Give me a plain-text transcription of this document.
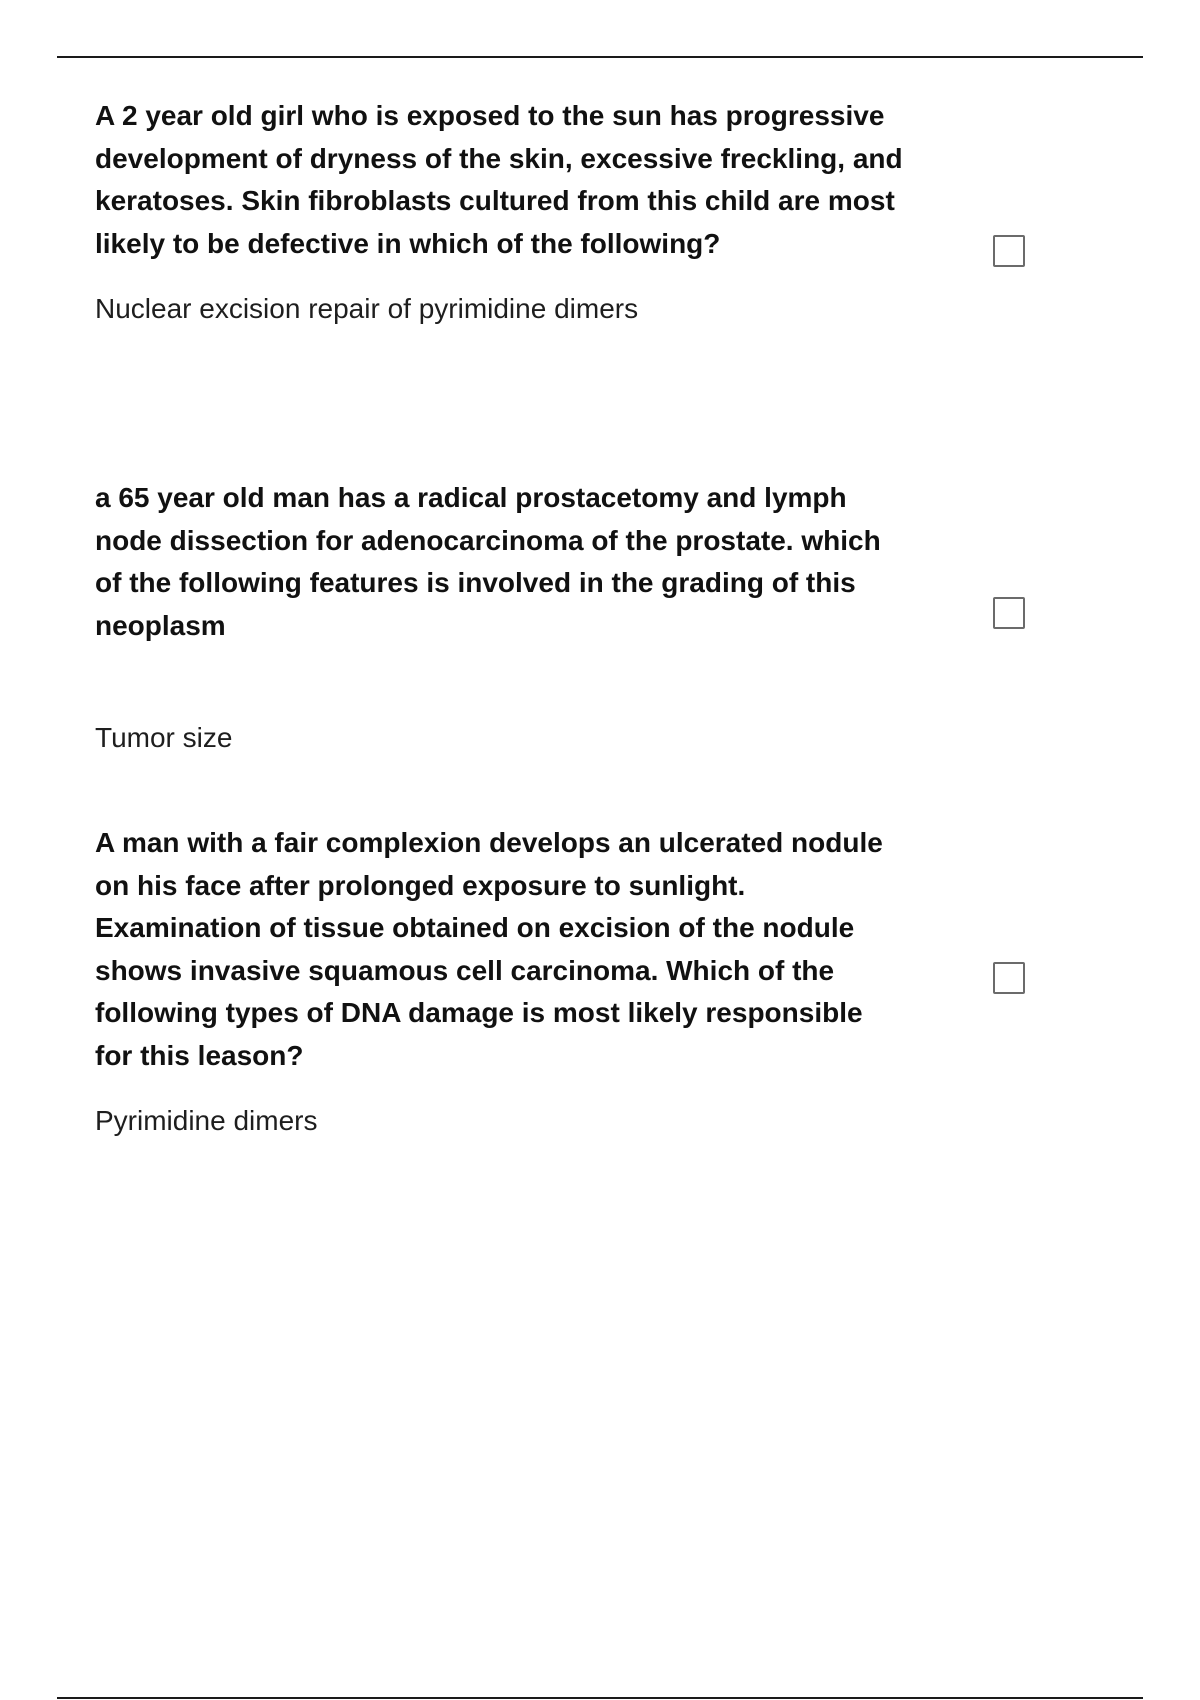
A 2 year old girl who is exposed to the sun has progressive development of dryness of the skin, excessive freckling, and keratoses. Skin fibroblasts cultured from this child are most likely to be defective in which of the following?

Nuclear excision repair of pyrimidine dimers

a 65 year old man has a radical prostacetomy and lymph node dissection for adenocarcinoma of the prostate. which of the following features is involved in the grading of this neoplasm

Tumor size

A man with a fair complexion develops an ulcerated nodule on his face after prolonged exposure to sunlight. Examination of tissue obtained on excision of the nodule shows invasive squamous cell carcinoma. Which of the following types of DNA damage is most likely responsible for this leason?

Pyrimidine dimers
